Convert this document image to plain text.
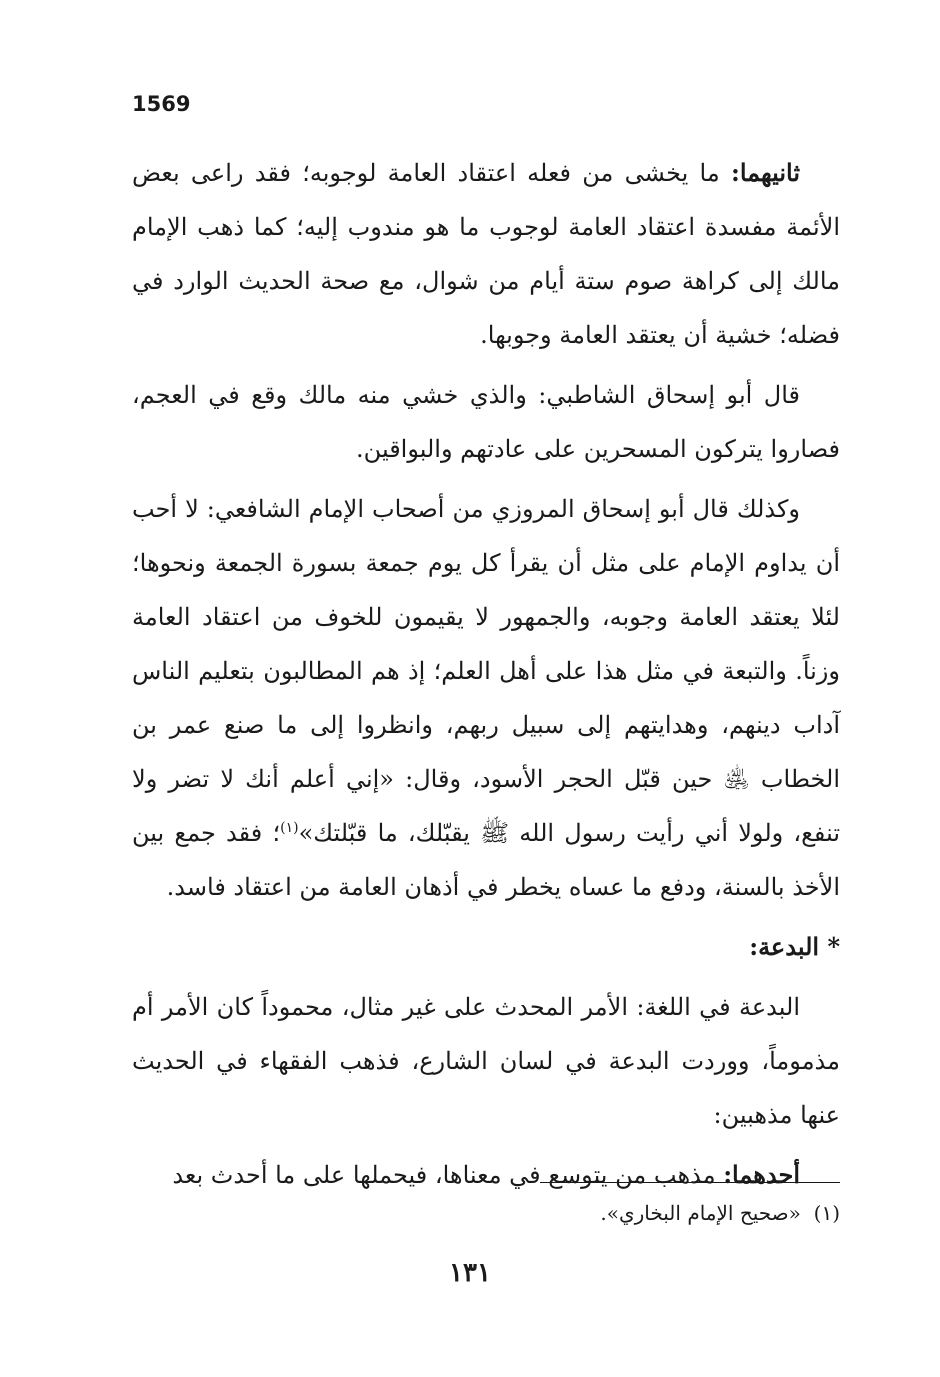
1569

ثانيهما: ما يخشى من فعله اعتقاد العامة لوجوبه؛ فقد راعى بعض الأئمة مفسدة اعتقاد العامة لوجوب ما هو مندوب إليه؛ كما ذهب الإمام مالك إلى كراهة صوم ستة أيام من شوال، مع صحة الحديث الوارد في فضله؛ خشية أن يعتقد العامة وجوبها.

قال أبو إسحاق الشاطبي: والذي خشي منه مالك وقع في العجم، فصاروا يتركون المسحرين على عادتهم والبواقين.

وكذلك قال أبو إسحاق المروزي من أصحاب الإمام الشافعي: لا أحب أن يداوم الإمام على مثل أن يقرأ كل يوم جمعة بسورة الجمعة ونحوها؛ لئلا يعتقد العامة وجوبه، والجمهور لا يقيمون للخوف من اعتقاد العامة وزناً. والتبعة في مثل هذا على أهل العلم؛ إذ هم المطالبون بتعليم الناس آداب دينهم، وهدايتهم إلى سبيل ربهم، وانظروا إلى ما صنع عمر بن الخطاب ﵁ حين قبّل الحجر الأسود، وقال: «إني أعلم أنك لا تضر ولا تنفع، ولولا أني رأيت رسول الله ﷺ يقبّلك، ما قبّلتك»$^{(١)}$؛ فقد جمع بين الأخذ بالسنة، ودفع ما عساه يخطر في أذهان العامة من اعتقاد فاسد.

* البدعة:

البدعة في اللغة: الأمر المحدث على غير مثال، محموداً كان الأمر أم مذموماً، ووردت البدعة في لسان الشارع، فذهب الفقهاء في الحديث عنها مذهبين:

أحدهما: مذهب من يتوسع في معناها، فيحملها على ما أحدث بعد

(١)  «صحيح الإمام البخاري».

١٣١
